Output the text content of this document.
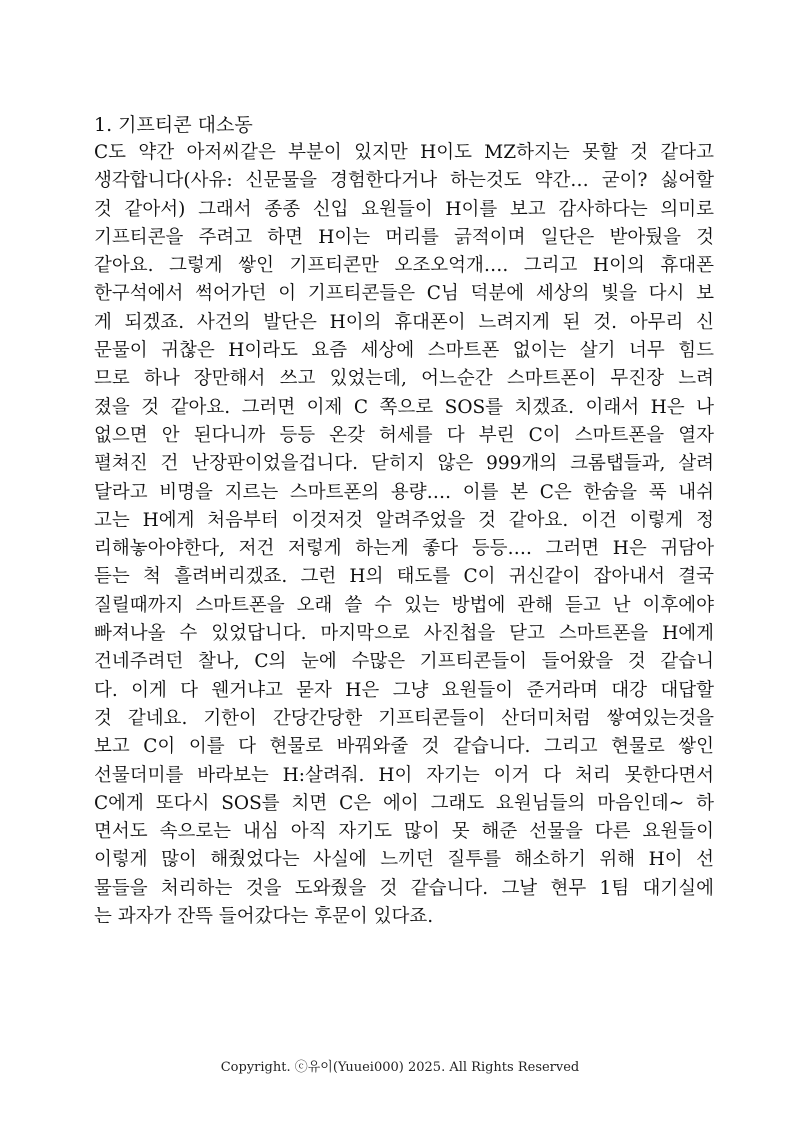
1. 기프티콘 대소동
C도 약간 아저씨같은 부분이 있지만 H이도 MZ하지는 못할 것 같다고
생각합니다(사유: 신문물을 경험한다거나 하는것도 약간… 굳이? 싫어할
것 같아서) 그래서 종종 신입 요원들이 H이를 보고 감사하다는 의미로
기프티콘을 주려고 하면 H이는 머리를 긁적이며 일단은 받아뒀을 것
같아요. 그렇게 쌓인 기프티콘만 오조오억개…. 그리고 H이의 휴대폰
한구석에서 썩어가던 이 기프티콘들은 C님 덕분에 세상의 빛을 다시 보
게 되겠죠. 사건의 발단은 H이의 휴대폰이 느려지게 된 것. 아무리 신
문물이 귀찮은 H이라도 요즘 세상에 스마트폰 없이는 살기 너무 힘드
므로 하나 장만해서 쓰고 있었는데, 어느순간 스마트폰이 무진장 느려
졌을 것 같아요. 그러면 이제 C 쪽으로 SOS를 치겠죠. 이래서 H은 나
없으면 안 된다니까 등등 온갖 허세를 다 부린 C이 스마트폰을 열자
펼쳐진 건 난장판이었을겁니다. 닫히지 않은 999개의 크롬탭들과, 살려
달라고 비명을 지르는 스마트폰의 용량…. 이를 본 C은 한숨을 푹 내쉬
고는 H에게 처음부터 이것저것 알려주었을 것 같아요. 이건 이렇게 정
리해놓아야한다, 저건 저렇게 하는게 좋다 등등…. 그러면 H은 귀담아
듣는 척 흘려버리겠죠. 그런 H의 태도를 C이 귀신같이 잡아내서 결국
질릴때까지 스마트폰을 오래 쓸 수 있는 방법에 관해 듣고 난 이후에야
빠져나올 수 있었답니다. 마지막으로 사진첩을 닫고 스마트폰을 H에게
건네주려던 찰나, C의 눈에 수많은 기프티콘들이 들어왔을 것 같습니
다. 이게 다 웬거냐고 묻자 H은 그냥 요원들이 준거라며 대강 대답할
것 같네요. 기한이 간당간당한 기프티콘들이 산더미처럼 쌓여있는것을
보고 C이 이를 다 현물로 바꿔와줄 것 같습니다. 그리고 현물로 쌓인
선물더미를 바라보는 H:살려줘. H이 자기는 이거 다 처리 못한다면서
C에게 또다시 SOS를 치면 C은 에이 그래도 요원님들의 마음인데~ 하
면서도 속으로는 내심 아직 자기도 많이 못 해준 선물을 다른 요원들이
이렇게 많이 해줬었다는 사실에 느끼던 질투를 해소하기 위해 H이 선
물들을 처리하는 것을 도와줬을 것 같습니다. 그날 현무 1팀 대기실에
는 과자가 잔뜩 들어갔다는 후문이 있다죠.
Copyright. ⓒ유이(Yuuei000) 2025. All Rights Reserved
